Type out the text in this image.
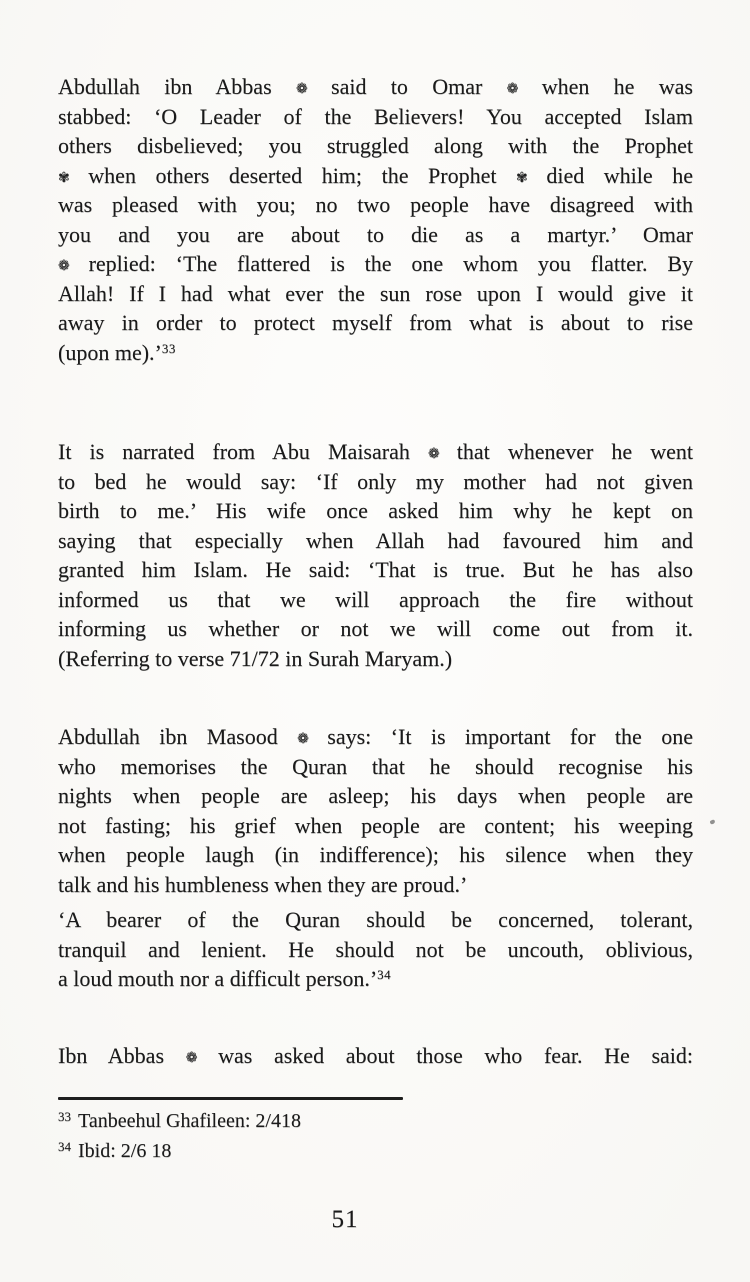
Abdullah ibn Abbas ❁ said to Omar ❁ when he was
stabbed: ‘O Leader of the Believers! You accepted Islam
others disbelieved; you struggled along with the Prophet
✾ when others deserted him; the Prophet ✾ died while he
was pleased with you; no two people have disagreed with
you and you are about to die as a martyr.’ Omar
❁ replied: ‘The flattered is the one whom you flatter. By
Allah! If I had what ever the sun rose upon I would give it
away in order to protect myself from what is about to rise
(upon me).’$^{33}$

It is narrated from Abu Maisarah ❁ that whenever he went
to bed he would say: ‘If only my mother had not given
birth to me.’ His wife once asked him why he kept on
saying that especially when Allah had favoured him and
granted him Islam. He said: ‘That is true. But he has also
informed us that we will approach the fire without
informing us whether or not we will come out from it.
(Referring to verse 71/72 in Surah Maryam.)

Abdullah ibn Masood ❁ says: ‘It is important for the one
who memorises the Quran that he should recognise his
nights when people are asleep; his days when people are
not fasting; his grief when people are content; his weeping
when people laugh (in indifference); his silence when they
talk and his humbleness when they are proud.’

‘A bearer of the Quran should be concerned, tolerant,
tranquil and lenient. He should not be uncouth, oblivious,
a loud mouth nor a difficult person.’$^{34}$

Ibn Abbas ❁ was asked about those who fear. He said:

$^{33}$ Tanbeehul Ghafileen: 2/418
$^{34}$ Ibid: 2/6 18
51
